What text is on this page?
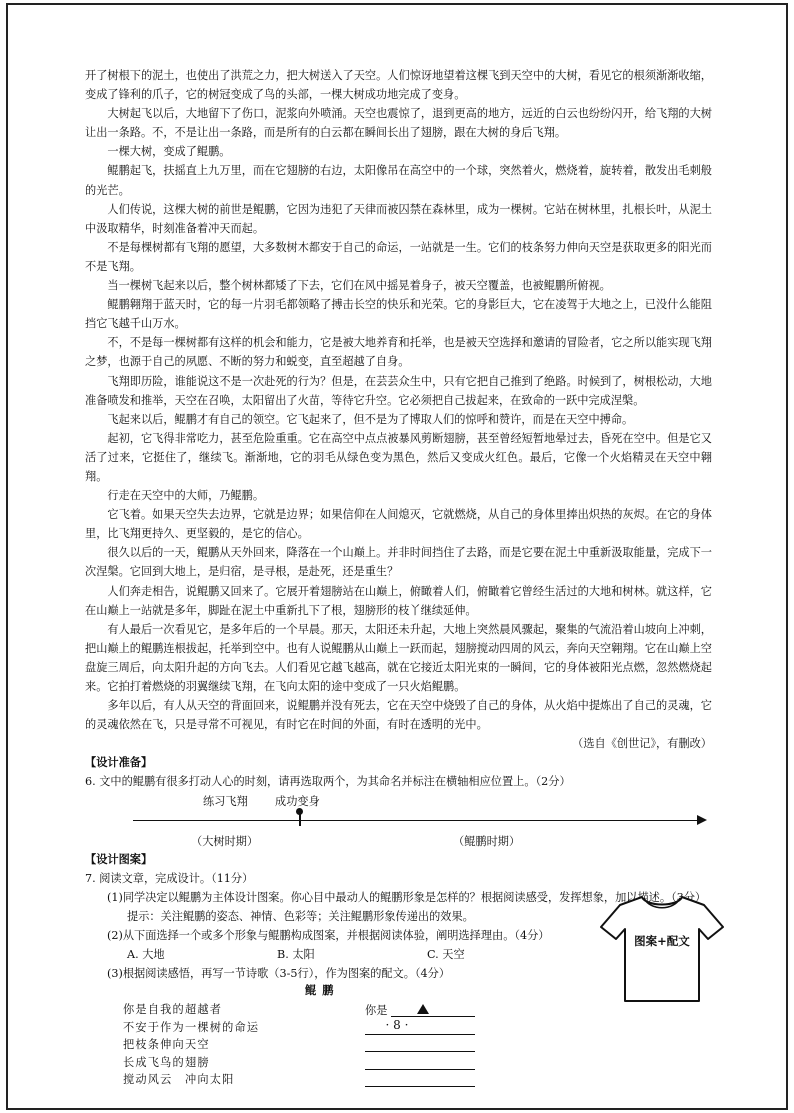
开了树根下的泥土，也使出了洪荒之力，把大树送入了天空。人们惊讶地望着这棵飞到天空中的大树，看见它的根须渐渐收缩，变成了锋利的爪子，它的树冠变成了鸟的头部，一棵大树成功地完成了变身。

大树起飞以后，大地留下了伤口，泥浆向外喷涌。天空也震惊了，退到更高的地方，远近的白云也纷纷闪开，给飞翔的大树让出一条路。不，不是让出一条路，而是所有的白云都在瞬间长出了翅膀，跟在大树的身后飞翔。

一棵大树，变成了鲲鹏。

鲲鹏起飞，扶摇直上九万里，而在它翅膀的右边，太阳像吊在高空中的一个球，突然着火，燃烧着，旋转着，散发出毛刺般的光芒。

人们传说，这棵大树的前世是鲲鹏，它因为违犯了天律而被囚禁在森林里，成为一棵树。它站在树林里，扎根长叶，从泥土中汲取精华，时刻准备着冲天而起。

不是每棵树都有飞翔的愿望，大多数树木都安于自己的命运，一站就是一生。它们的枝条努力伸向天空是获取更多的阳光而不是飞翔。

当一棵树飞起来以后，整个树林都矮了下去，它们在风中摇晃着身子，被天空覆盖，也被鲲鹏所俯视。

鲲鹏翱翔于蓝天时，它的每一片羽毛都领略了搏击长空的快乐和光荣。它的身影巨大，它在凌驾于大地之上，已没什么能阻挡它飞越千山万水。

不，不是每一棵树都有这样的机会和能力，它是被大地养育和托举，也是被天空选择和邀请的冒险者，它之所以能实现飞翔之梦，也源于自己的夙愿、不断的努力和蜕变，直至超越了自身。

飞翔即历险，谁能说这不是一次赴死的行为？但是，在芸芸众生中，只有它把自己推到了绝路。时候到了，树根松动，大地准备喷发和推举，天空在召唤，太阳留出了火苗，等待它升空。它必须把自己拔起来，在致命的一跃中完成涅槃。

飞起来以后，鲲鹏才有自己的领空。它飞起来了，但不是为了博取人们的惊呼和赞许，而是在天空中搏命。

起初，它飞得非常吃力，甚至危险重重。它在高空中点点被暴风剪断翅膀，甚至曾经短暂地晕过去，昏死在空中。但是它又活了过来，它挺住了，继续飞。渐渐地，它的羽毛从绿色变为黑色，然后又变成火红色。最后，它像一个火焰精灵在天空中翱翔。

行走在天空中的大师，乃鲲鹏。

它飞着。如果天空失去边界，它就是边界；如果信仰在人间熄灭，它就燃烧，从自己的身体里捧出炽热的灰烬。在它的身体里，比飞翔更持久、更坚毅的，是它的信心。

很久以后的一天，鲲鹏从天外回来，降落在一个山巅上。并非时间挡住了去路，而是它要在泥土中重新汲取能量，完成下一次涅槃。它回到大地上，是归宿，是寻根，是赴死，还是重生？

人们奔走相告，说鲲鹏又回来了。它展开着翅膀站在山巅上，俯瞰着人们，俯瞰着它曾经生活过的大地和树林。就这样，它在山巅上一站就是多年，脚趾在泥土中重新扎下了根，翅膀形的枝丫继续延伸。

有人最后一次看见它，是多年后的一个早晨。那天，太阳还未升起，大地上突然晨风骤起，聚集的气流沿着山坡向上冲刺，把山巅上的鲲鹏连根拔起，托举到空中。也有人说鲲鹏从山巅上一跃而起，翅膀搅动四周的风云，奔向天空翱翔。它在山巅上空盘旋三周后，向太阳升起的方向飞去。人们看见它越飞越高，就在它接近太阳光束的一瞬间，它的身体被阳光点燃，忽然燃烧起来。它拍打着燃烧的羽翼继续飞翔，在飞向太阳的途中变成了一只火焰鲲鹏。

多年以后，有人从天空的背面回来，说鲲鹏并没有死去，它在天空中烧毁了自己的身体，从火焰中提炼出了自己的灵魂，它的灵魂依然在飞，只是寻常不可视见，有时它在时间的外面，有时在透明的光中。

（选自《创世记》，有删改）

【设计准备】

6. 文中的鲲鹏有很多打动人心的时刻，请再选取两个，为其命名并标注在横轴相应位置上。（2分）

练习飞翔 成功变身
（大树时期）	（鲲鹏时期）

【设计图案】

7. 阅读文章，完成设计。（11分）

(1)同学决定以鲲鹏为主体设计图案。你心目中最动人的鲲鹏形象是怎样的？根据阅读感受，发挥想象，加以描述。（3分）

提示：关注鲲鹏的姿态、神情、色彩等；关注鲲鹏形象传递出的效果。

(2)从下面选择一个或多个形象与鲲鹏构成图案，并根据阅读体验，阐明选择理由。（4分）

A. 大地	B. 太阳	C. 天空

(3)根据阅读感悟，再写一节诗歌（3-5行），作为图案的配文。（4分）

鲲鹏
你是自我的超越者
不安于作为一棵树的命运
把枝条伸向天空
长成飞鸟的翅膀
搅动风云　冲向太阳
你是
图案+配文
· 8 ·
